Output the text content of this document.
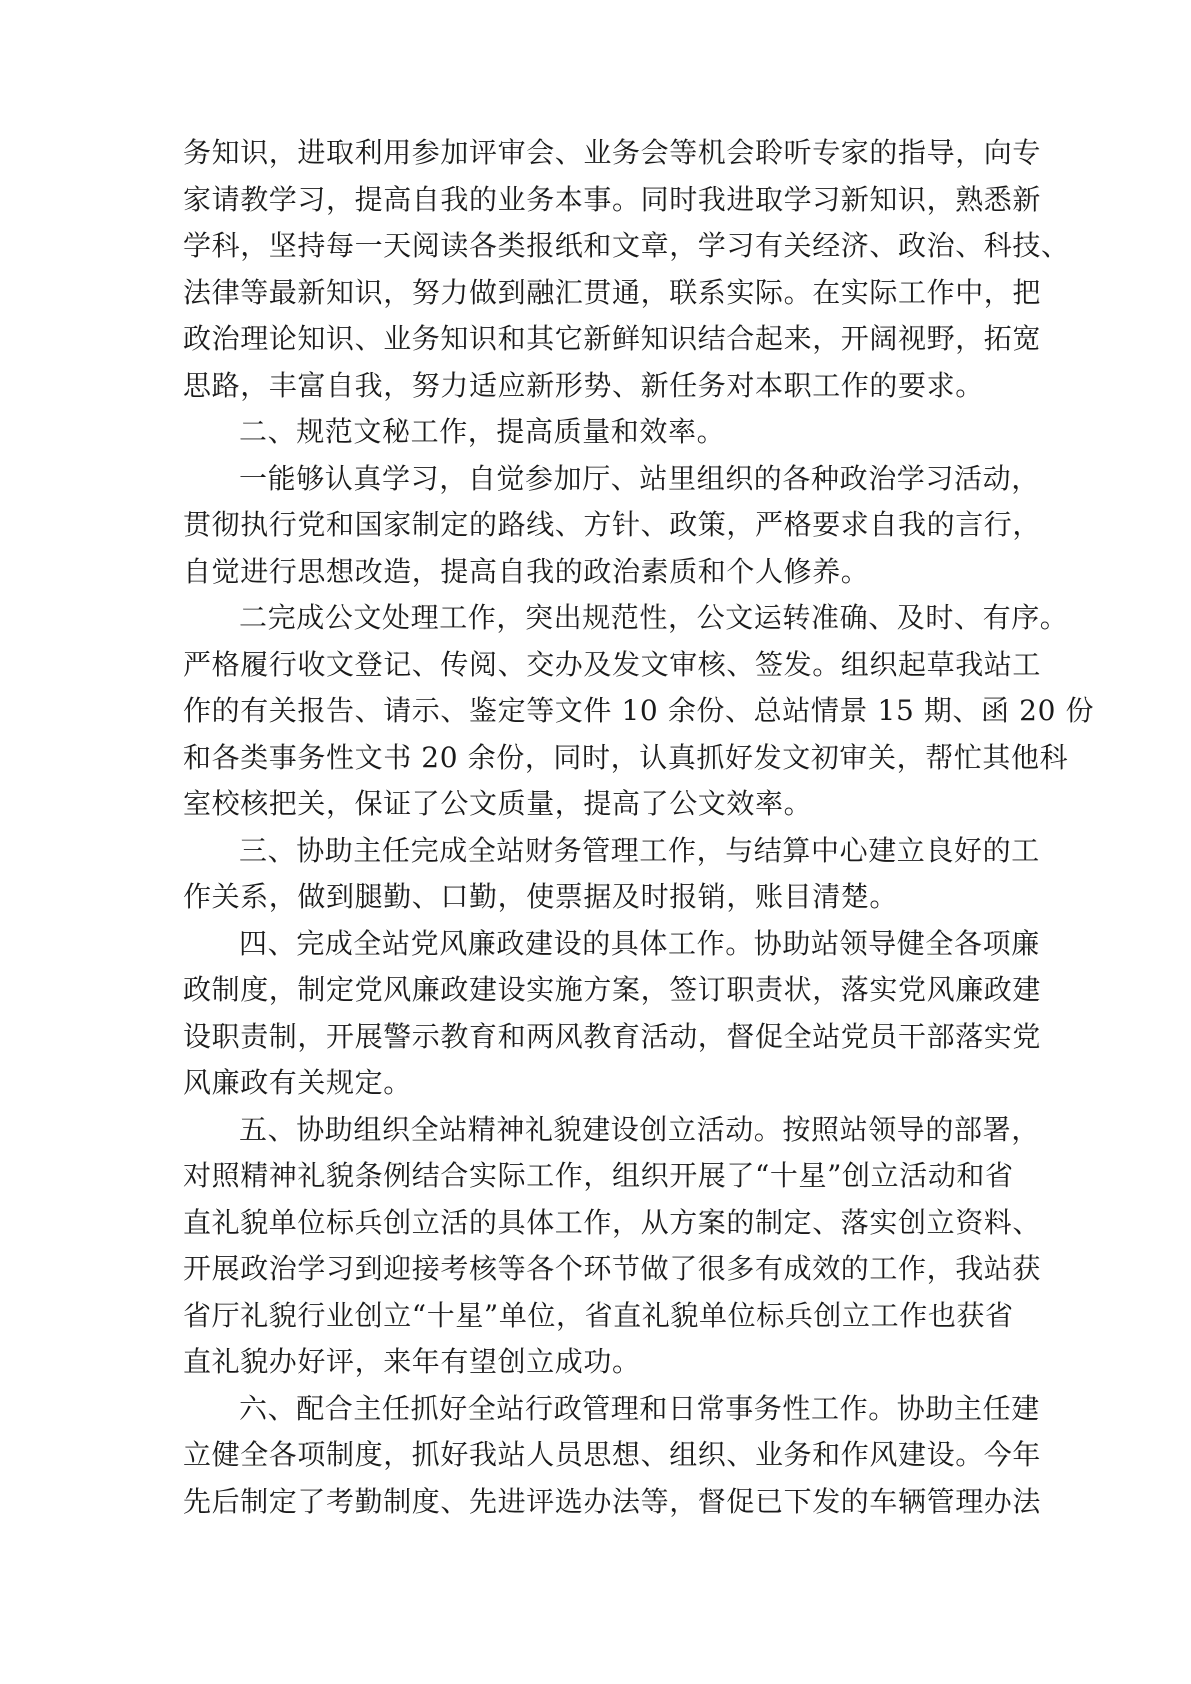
务知识，进取利用参加评审会、业务会等机会聆听专家的指导，向专
家请教学习，提高自我的业务本事。同时我进取学习新知识，熟悉新
学科，坚持每一天阅读各类报纸和文章，学习有关经济、政治、科技、
法律等最新知识，努力做到融汇贯通，联系实际。在实际工作中，把
政治理论知识、业务知识和其它新鲜知识结合起来，开阔视野，拓宽
思路，丰富自我，努力适应新形势、新任务对本职工作的要求。
二、规范文秘工作，提高质量和效率。
一能够认真学习，自觉参加厅、站里组织的各种政治学习活动，
贯彻执行党和国家制定的路线、方针、政策，严格要求自我的言行，
自觉进行思想改造，提高自我的政治素质和个人修养。
二完成公文处理工作，突出规范性，公文运转准确、及时、有序。
严格履行收文登记、传阅、交办及发文审核、签发。组织起草我站工
作的有关报告、请示、鉴定等文件 10 余份、总站情景 15 期、函 20 份
和各类事务性文书 20 余份，同时，认真抓好发文初审关，帮忙其他科
室校核把关，保证了公文质量，提高了公文效率。
三、协助主任完成全站财务管理工作，与结算中心建立良好的工
作关系，做到腿勤、口勤，使票据及时报销，账目清楚。
四、完成全站党风廉政建设的具体工作。协助站领导健全各项廉
政制度，制定党风廉政建设实施方案，签订职责状，落实党风廉政建
设职责制，开展警示教育和两风教育活动，督促全站党员干部落实党
风廉政有关规定。
五、协助组织全站精神礼貌建设创立活动。按照站领导的部署，
对照精神礼貌条例结合实际工作，组织开展了“十星”创立活动和省
直礼貌单位标兵创立活的具体工作，从方案的制定、落实创立资料、
开展政治学习到迎接考核等各个环节做了很多有成效的工作，我站获
省厅礼貌行业创立“十星”单位，省直礼貌单位标兵创立工作也获省
直礼貌办好评，来年有望创立成功。
六、配合主任抓好全站行政管理和日常事务性工作。协助主任建
立健全各项制度，抓好我站人员思想、组织、业务和作风建设。今年
先后制定了考勤制度、先进评选办法等，督促已下发的车辆管理办法
